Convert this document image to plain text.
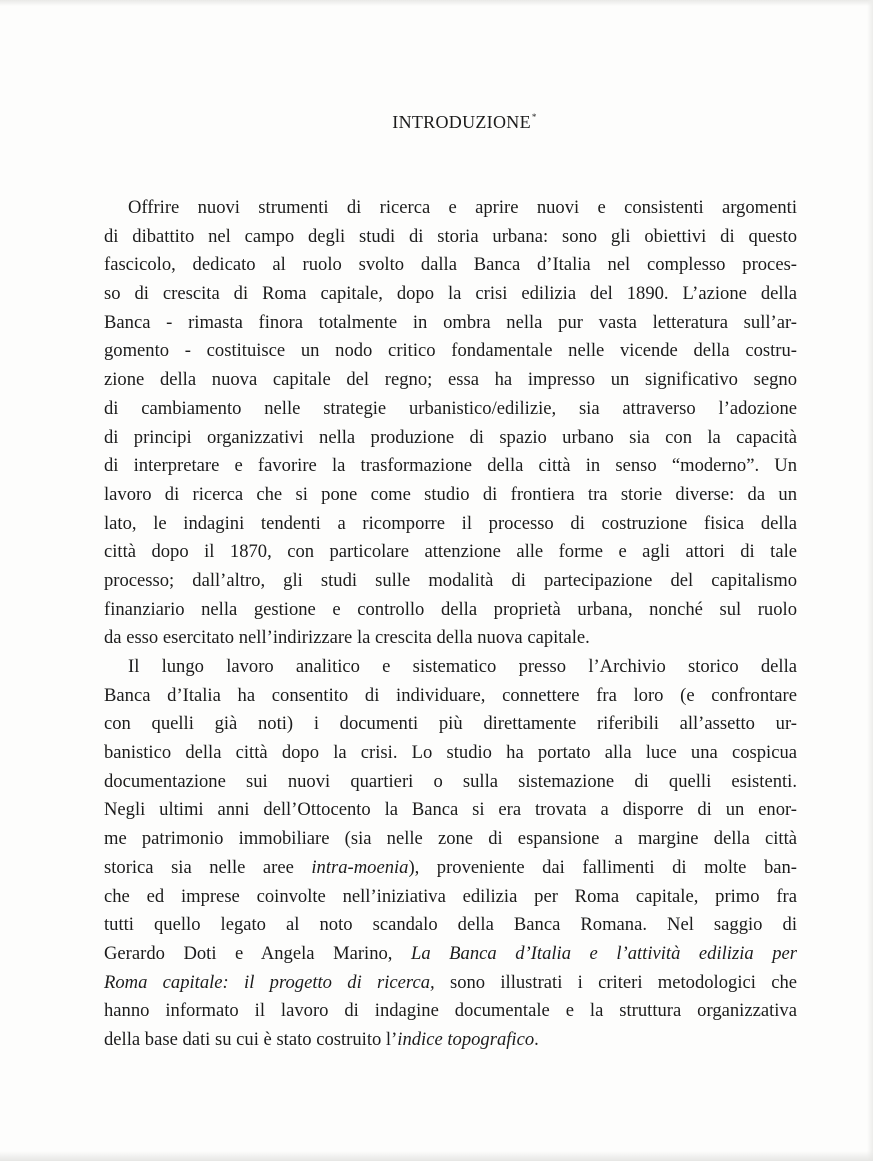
INTRODUZIONE*
Offrire nuovi strumenti di ricerca e aprire nuovi e consistenti argomenti
di dibattito nel campo degli studi di storia urbana: sono gli obiettivi di questo
fascicolo, dedicato al ruolo svolto dalla Banca d’Italia nel complesso proces-
so di crescita di Roma capitale, dopo la crisi edilizia del 1890. L’azione della
Banca - rimasta finora totalmente in ombra nella pur vasta letteratura sull’ar-
gomento - costituisce un nodo critico fondamentale nelle vicende della costru-
zione della nuova capitale del regno; essa ha impresso un significativo segno
di cambiamento nelle strategie urbanistico/edilizie, sia attraverso l’adozione
di principi organizzativi nella produzione di spazio urbano sia con la capacità
di interpretare e favorire la trasformazione della città in senso “moderno”. Un
lavoro di ricerca che si pone come studio di frontiera tra storie diverse: da un
lato, le indagini tendenti a ricomporre il processo di costruzione fisica della
città dopo il 1870, con particolare attenzione alle forme e agli attori di tale
processo; dall’altro, gli studi sulle modalità di partecipazione del capitalismo
finanziario nella gestione e controllo della proprietà urbana, nonché sul ruolo
da esso esercitato nell’indirizzare la crescita della nuova capitale.
Il lungo lavoro analitico e sistematico presso l’Archivio storico della
Banca d’Italia ha consentito di individuare, connettere fra loro (e confrontare
con quelli già noti) i documenti più direttamente riferibili all’assetto ur-
banistico della città dopo la crisi. Lo studio ha portato alla luce una cospicua
documentazione sui nuovi quartieri o sulla sistemazione di quelli esistenti.
Negli ultimi anni dell’Ottocento la Banca si era trovata a disporre di un enor-
me patrimonio immobiliare (sia nelle zone di espansione a margine della città
storica sia nelle aree intra-moenia), proveniente dai fallimenti di molte ban-
che ed imprese coinvolte nell’iniziativa edilizia per Roma capitale, primo fra
tutti quello legato al noto scandalo della Banca Romana. Nel saggio di
Gerardo Doti e Angela Marino, La Banca d’Italia e l’attività edilizia per
Roma capitale: il progetto di ricerca, sono illustrati i criteri metodologici che
hanno informato il lavoro di indagine documentale e la struttura organizzativa
della base dati su cui è stato costruito l’indice topografico.
